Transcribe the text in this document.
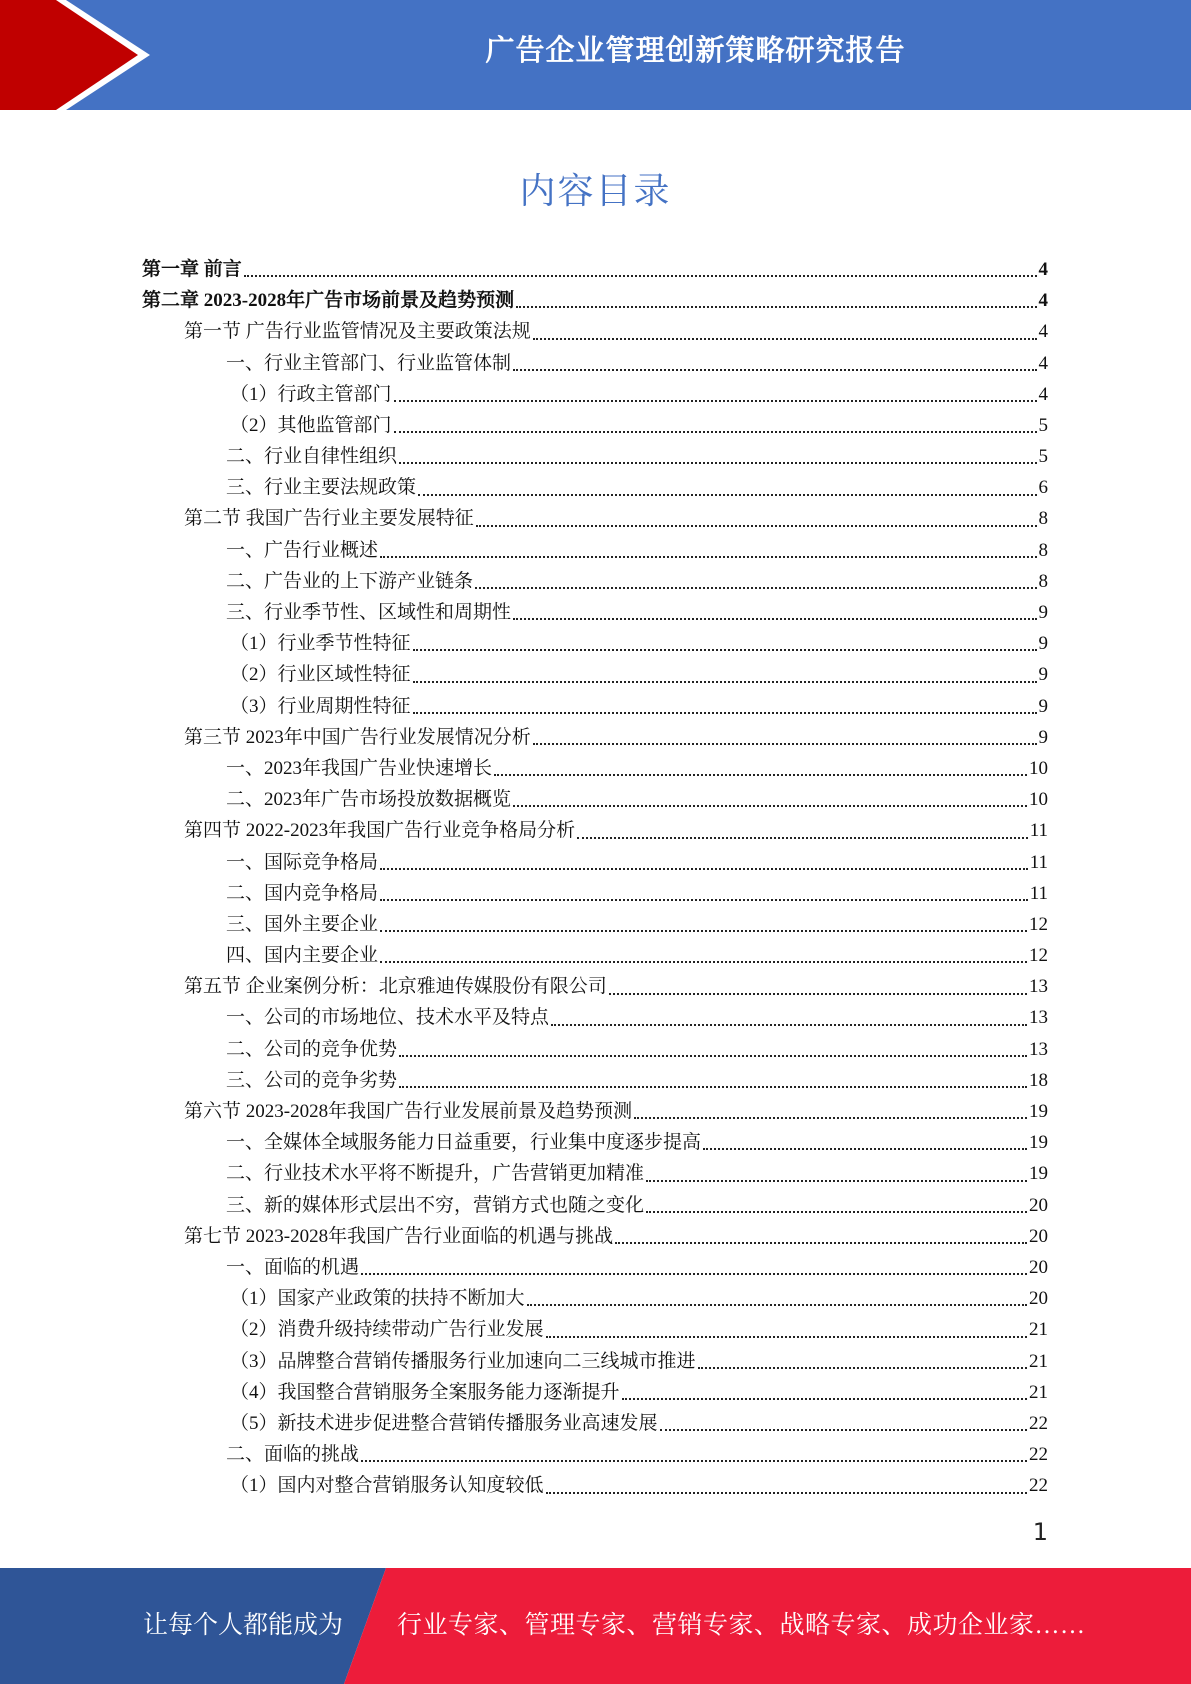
广告企业管理创新策略研究报告
内容目录
第一章 前言	4
第二章 2023-2028年广告市场前景及趋势预测	4
第一节 广告行业监管情况及主要政策法规	4
一、行业主管部门、行业监管体制	4
（1）行政主管部门	4
（2）其他监管部门	5
二、行业自律性组织	5
三、行业主要法规政策	6
第二节 我国广告行业主要发展特征	8
一、广告行业概述	8
二、广告业的上下游产业链条	8
三、行业季节性、区域性和周期性	9
（1）行业季节性特征	9
（2）行业区域性特征	9
（3）行业周期性特征	9
第三节 2023年中国广告行业发展情况分析	9
一、2023年我国广告业快速增长	10
二、2023年广告市场投放数据概览	10
第四节 2022-2023年我国广告行业竞争格局分析	11
一、国际竞争格局	11
二、国内竞争格局	11
三、国外主要企业	12
四、国内主要企业	12
第五节 企业案例分析：北京雅迪传媒股份有限公司	13
一、公司的市场地位、技术水平及特点	13
二、公司的竞争优势	13
三、公司的竞争劣势	18
第六节 2023-2028年我国广告行业发展前景及趋势预测	19
一、全媒体全域服务能力日益重要，行业集中度逐步提高	19
二、行业技术水平将不断提升，广告营销更加精准	19
三、新的媒体形式层出不穷，营销方式也随之变化	20
第七节 2023-2028年我国广告行业面临的机遇与挑战	20
一、面临的机遇	20
（1）国家产业政策的扶持不断加大	20
（2）消费升级持续带动广告行业发展	21
（3）品牌整合营销传播服务行业加速向二三线城市推进	21
（4）我国整合营销服务全案服务能力逐渐提升	21
（5）新技术进步促进整合营销传播服务业高速发展	22
二、面临的挑战	22
（1）国内对整合营销服务认知度较低	22
1
让每个人都能成为 行业专家、管理专家、营销专家、战略专家、成功企业家……
